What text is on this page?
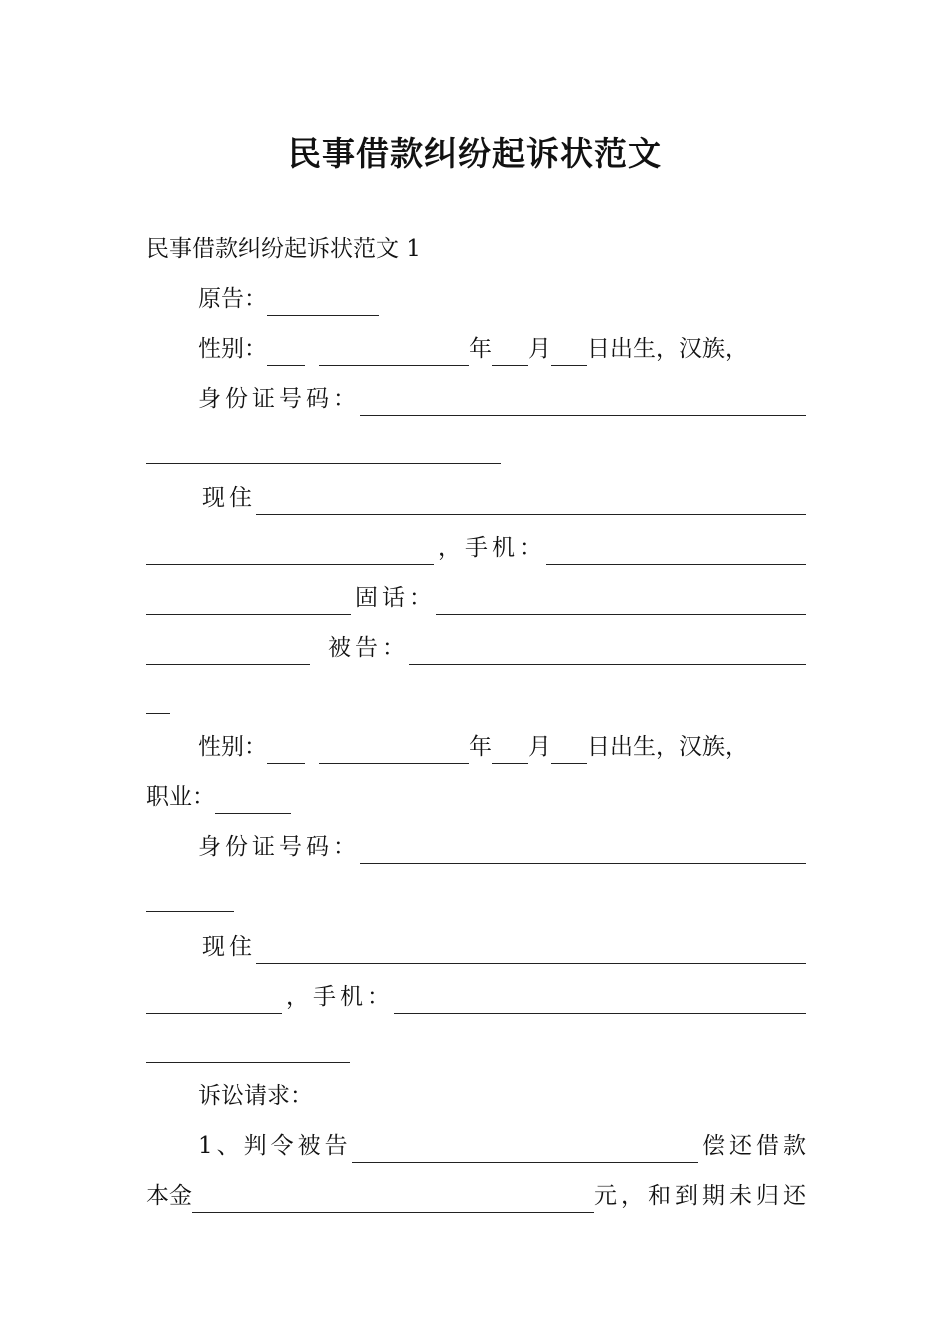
民事借款纠纷起诉状范文
民事借款纠纷起诉状范文 1
原告：
性别：	年 月 日出生，汉族，
身份证号码：
现住
，手机：
固话：
被告：
性别：	年 月 日出生，汉族，
职业：
身份证号码：
现住
，手机：
诉讼请求：
1、判令被告	偿还借款
本金	元，和到期未归还
